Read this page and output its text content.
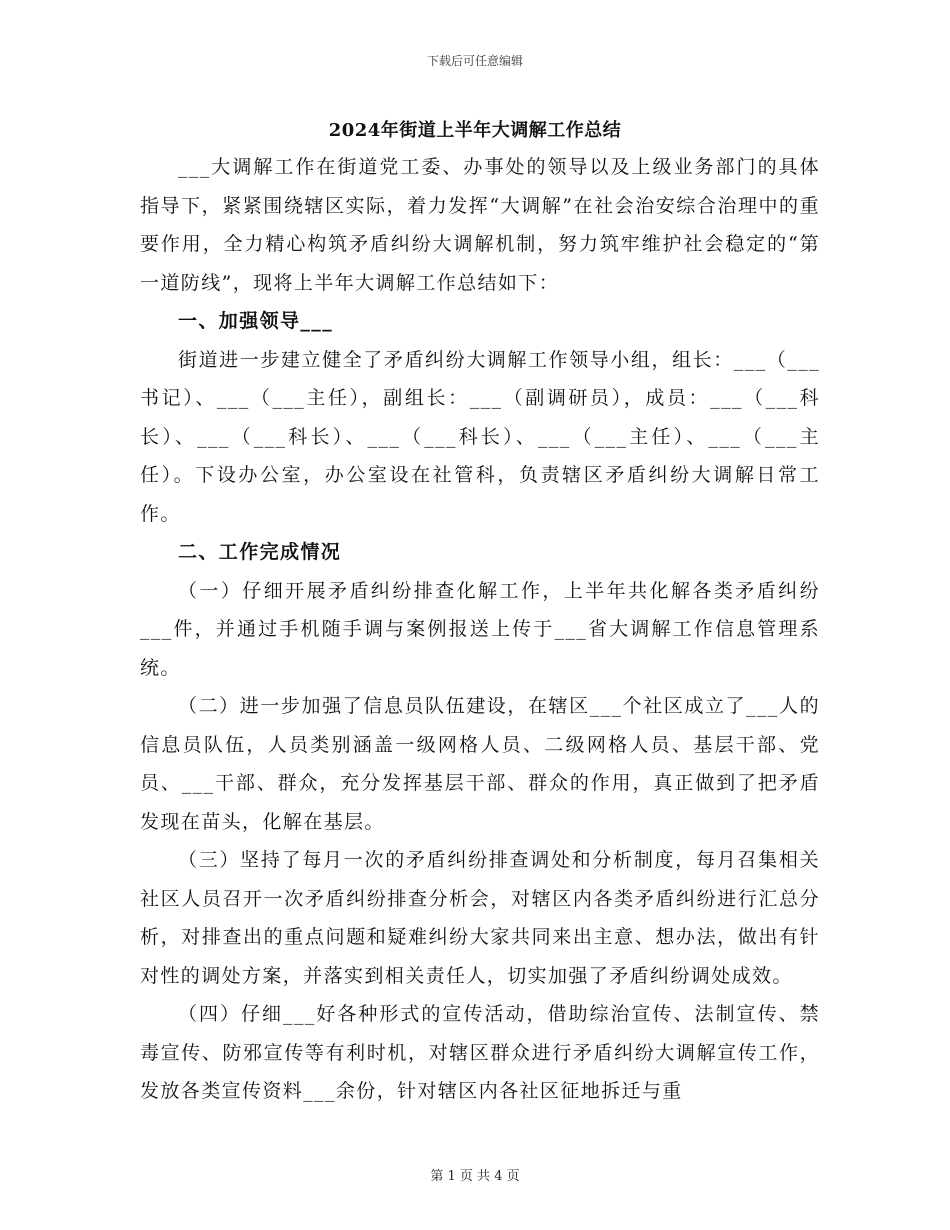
下载后可任意编辑
2024年街道上半年大调解工作总结

___大调解工作在街道党工委、办事处的领导以及上级业务部门的具体指导下，紧紧围绕辖区实际，着力发挥“大调解”在社会治安综合治理中的重要作用，全力精心构筑矛盾纠纷大调解机制，努力筑牢维护社会稳定的“第一道防线”，现将上半年大调解工作总结如下：

一、加强领导___

街道进一步建立健全了矛盾纠纷大调解工作领导小组，组长：___（___书记）、___（___主任），副组长：___（副调研员），成员：___（___科长）、___（___科长）、___（___科长）、___（___主任）、___（___主任）。下设办公室，办公室设在社管科，负责辖区矛盾纠纷大调解日常工作。

二、工作完成情况

（一）仔细开展矛盾纠纷排查化解工作，上半年共化解各类矛盾纠纷___件，并通过手机随手调与案例报送上传于___省大调解工作信息管理系统。

（二）进一步加强了信息员队伍建设，在辖区___个社区成立了___人的信息员队伍，人员类别涵盖一级网格人员、二级网格人员、基层干部、党员、___干部、群众，充分发挥基层干部、群众的作用，真正做到了把矛盾发现在苗头，化解在基层。

（三）坚持了每月一次的矛盾纠纷排查调处和分析制度，每月召集相关社区人员召开一次矛盾纠纷排查分析会，对辖区内各类矛盾纠纷进行汇总分析，对排查出的重点问题和疑难纠纷大家共同来出主意、想办法，做出有针对性的调处方案，并落实到相关责任人，切实加强了矛盾纠纷调处成效。

（四）仔细___好各种形式的宣传活动，借助综治宣传、法制宣传、禁毒宣传、防邪宣传等有利时机，对辖区群众进行矛盾纠纷大调解宣传工作，发放各类宣传资料___余份，针对辖区内各社区征地拆迁与重

第 1 页 共 4 页
